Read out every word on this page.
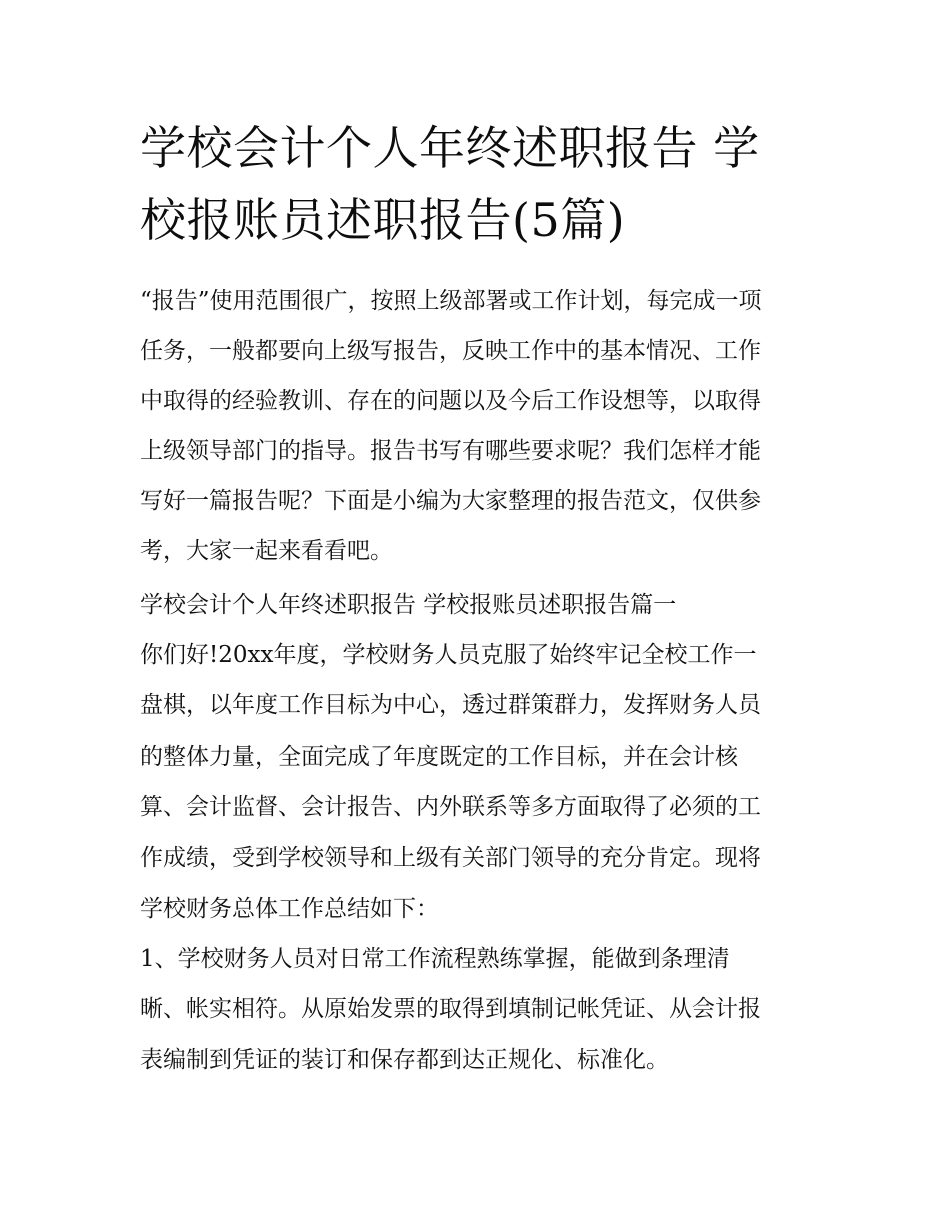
学校会计个人年终述职报告 学
校报账员述职报告(5篇)
“报告”使用范围很广，按照上级部署或工作计划，每完成一项
任务，一般都要向上级写报告，反映工作中的基本情况、工作
中取得的经验教训、存在的问题以及今后工作设想等，以取得
上级领导部门的指导。报告书写有哪些要求呢？我们怎样才能
写好一篇报告呢？下面是小编为大家整理的报告范文，仅供参
考，大家一起来看看吧。
学校会计个人年终述职报告 学校报账员述职报告篇一
你们好!20xx年度，学校财务人员克服了始终牢记全校工作一
盘棋，以年度工作目标为中心，透过群策群力，发挥财务人员
的整体力量，全面完成了年度既定的工作目标，并在会计核
算、会计监督、会计报告、内外联系等多方面取得了必须的工
作成绩，受到学校领导和上级有关部门领导的充分肯定。现将
学校财务总体工作总结如下：
1、学校财务人员对日常工作流程熟练掌握，能做到条理清
晰、帐实相符。从原始发票的取得到填制记帐凭证、从会计报
表编制到凭证的装订和保存都到达正规化、标准化。
